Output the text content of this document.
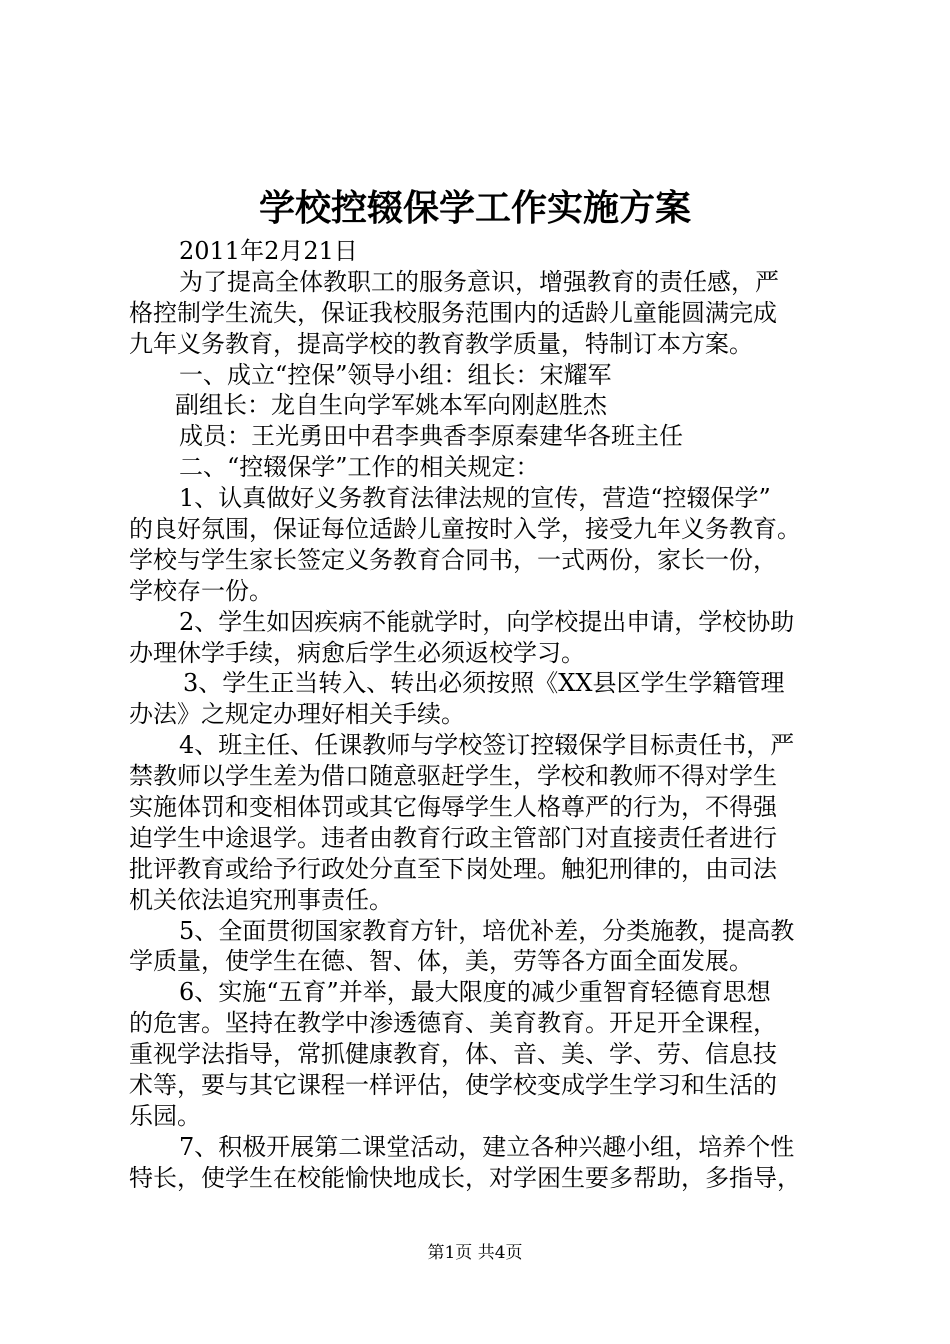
学校控辍保学工作实施方案
2011年2月21日
为了提高全体教职工的服务意识，增强教育的责任感，严
格控制学生流失，保证我校服务范围内的适龄儿童能圆满完成
九年义务教育，提高学校的教育教学质量，特制订本方案。
一、成立“控保”领导小组：组长：宋耀军
副组长：龙自生向学军姚本军向刚赵胜杰
成员：王光勇田中君李典香李原秦建华各班主任
二、“控辍保学”工作的相关规定：
1、认真做好义务教育法律法规的宣传，营造“控辍保学”
的良好氛围，保证每位适龄儿童按时入学，接受九年义务教育。
学校与学生家长签定义务教育合同书，一式两份，家长一份，
学校存一份。
2、学生如因疾病不能就学时，向学校提出申请，学校协助
办理休学手续，病愈后学生必须返校学习。
3、学生正当转入、转出必须按照《XX县区学生学籍管理
办法》之规定办理好相关手续。
4、班主任、任课教师与学校签订控辍保学目标责任书，严
禁教师以学生差为借口随意驱赶学生，学校和教师不得对学生
实施体罚和变相体罚或其它侮辱学生人格尊严的行为，不得强
迫学生中途退学。违者由教育行政主管部门对直接责任者进行
批评教育或给予行政处分直至下岗处理。触犯刑律的，由司法
机关依法追究刑事责任。
5、全面贯彻国家教育方针，培优补差，分类施教，提高教
学质量，使学生在德、智、体，美，劳等各方面全面发展。
6、实施“五育”并举，最大限度的减少重智育轻德育思想
的危害。坚持在教学中渗透德育、美育教育。开足开全课程，
重视学法指导，常抓健康教育，体、音、美、学、劳、信息技
术等，要与其它课程一样评估，使学校变成学生学习和生活的
乐园。
7、积极开展第二课堂活动，建立各种兴趣小组，培养个性
特长，使学生在校能愉快地成长，对学困生要多帮助，多指导，
第1页 共4页
